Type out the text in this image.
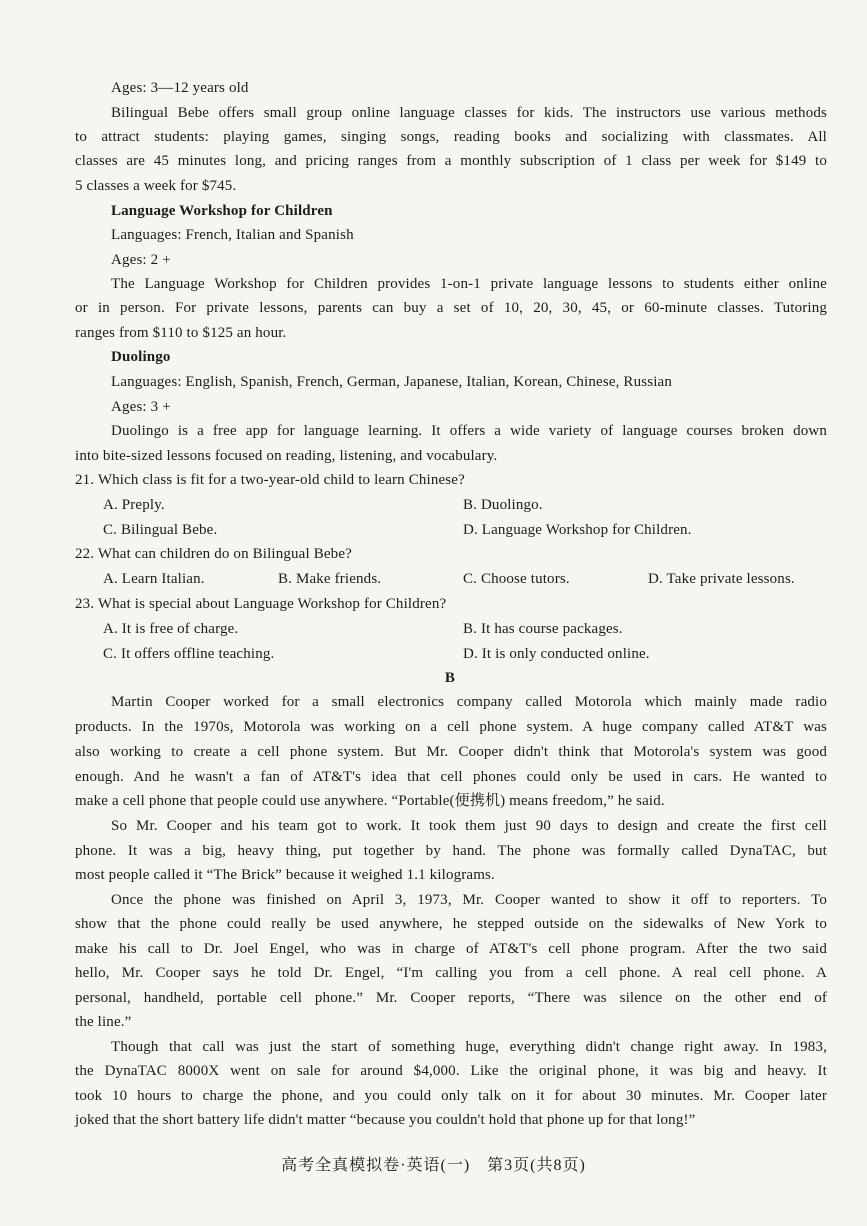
Ages: 3—12 years old
Bilingual Bebe offers small group online language classes for kids. The instructors use various methods
to attract students: playing games, singing songs, reading books and socializing with classmates. All
classes are 45 minutes long, and pricing ranges from a monthly subscription of 1 class per week for $149 to
5 classes a week for $745.
Language Workshop for Children
Languages: French, Italian and Spanish
Ages: 2 +
The Language Workshop for Children provides 1-on-1 private language lessons to students either online
or in person. For private lessons, parents can buy a set of 10, 20, 30, 45, or 60-minute classes. Tutoring
ranges from $110 to $125 an hour.
Duolingo
Languages: English, Spanish, French, German, Japanese, Italian, Korean, Chinese, Russian
Ages: 3 +
Duolingo is a free app for language learning. It offers a wide variety of language courses broken down
into bite-sized lessons focused on reading, listening, and vocabulary.
21. Which class is fit for a two-year-old child to learn Chinese?
A. Preply.	B. Duolingo.
C. Bilingual Bebe.	D. Language Workshop for Children.
22. What can children do on Bilingual Bebe?
A. Learn Italian.	B. Make friends.	C. Choose tutors.	D. Take private lessons.
23. What is special about Language Workshop for Children?
A. It is free of charge.	B. It has course packages.
C. It offers offline teaching.	D. It is only conducted online.
B
Martin Cooper worked for a small electronics company called Motorola which mainly made radio
products. In the 1970s, Motorola was working on a cell phone system. A huge company called AT&T was
also working to create a cell phone system. But Mr. Cooper didn't think that Motorola's system was good
enough. And he wasn't a fan of AT&T's idea that cell phones could only be used in cars. He wanted to
make a cell phone that people could use anywhere. “Portable(便携机) means freedom,” he said.
So Mr. Cooper and his team got to work. It took them just 90 days to design and create the first cell
phone. It was a big, heavy thing, put together by hand. The phone was formally called DynaTAC, but
most people called it “The Brick” because it weighed 1.1 kilograms.
Once the phone was finished on April 3, 1973, Mr. Cooper wanted to show it off to reporters. To
show that the phone could really be used anywhere, he stepped outside on the sidewalks of New York to
make his call to Dr. Joel Engel, who was in charge of AT&T's cell phone program. After the two said
hello, Mr. Cooper says he told Dr. Engel, “I'm calling you from a cell phone. A real cell phone. A
personal, handheld, portable cell phone.” Mr. Cooper reports, “There was silence on the other end of
the line.”
Though that call was just the start of something huge, everything didn't change right away. In 1983,
the DynaTAC 8000X went on sale for around $4,000. Like the original phone, it was big and heavy. It
took 10 hours to charge the phone, and you could only talk on it for about 30 minutes. Mr. Cooper later
joked that the short battery life didn't matter “because you couldn't hold that phone up for that long!”
高考全真模拟卷·英语(一)　第3页(共8页)
